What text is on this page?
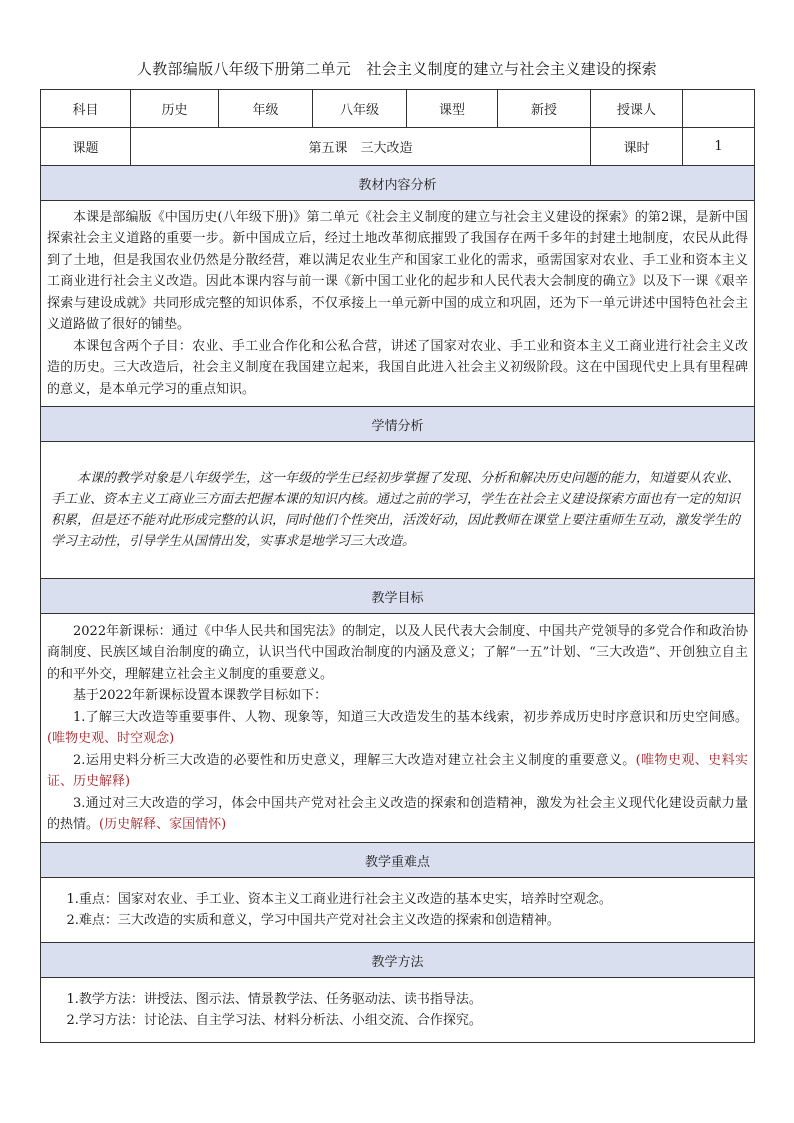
人教部编版八年级下册第二单元　社会主义制度的建立与社会主义建设的探索
科目	历史	年级	八年级	课型	新授	授课人	
课题	第五课　三大改造					课时	1
教材内容分析							

本课是部编版《中国历史(八年级下册)》第二单元《社会主义制度的建立与社会主义建设的探索》的第2课，是新中国探索社会主义道路的重要一步。新中国成立后，经过土地改革彻底摧毁了我国存在两千多年的封建土地制度，农民从此得到了土地，但是我国农业仍然是分散经营，难以满足农业生产和国家工业化的需求，亟需国家对农业、手工业和资本主义工商业进行社会主义改造。因此本课内容与前一课《新中国工业化的起步和人民代表大会制度的确立》以及下一课《艰辛探索与建设成就》共同形成完整的知识体系，不仅承接上一单元新中国的成立和巩固，还为下一单元讲述中国特色社会主义道路做了很好的铺垫。

本课包含两个子目：农业、手工业合作化和公私合营，讲述了国家对农业、手工业和资本主义工商业进行社会主义改造的历史。三大改造后，社会主义制度在我国建立起来，我国自此进入社会主义初级阶段。这在中国现代史上具有里程碑的意义，是本单元学习的重点知识。							

学情分析							

本课的教学对象是八年级学生，这一年级的学生已经初步掌握了发现、分析和解决历史问题的能力，知道要从农业、手工业、资本主义工商业三方面去把握本课的知识内核。通过之前的学习，学生在社会主义建设探索方面也有一定的知识积累，但是还不能对此形成完整的认识，同时他们个性突出，活泼好动，因此教师在课堂上要注重师生互动，激发学生的学习主动性，引导学生从国情出发，实事求是地学习三大改造。							

教学目标							

2022年新课标：通过《中华人民共和国宪法》的制定，以及人民代表大会制度、中国共产党领导的多党合作和政治协商制度、民族区域自治制度的确立，认识当代中国政治制度的内涵及意义；了解“一五”计划、“三大改造”、开创独立自主的和平外交，理解建立社会主义制度的重要意义。

基于2022年新课标设置本课教学目标如下：

1.了解三大改造等重要事件、人物、现象等，知道三大改造发生的基本线索，初步养成历史时序意识和历史空间感。(唯物史观、时空观念)

2.运用史料分析三大改造的必要性和历史意义，理解三大改造对建立社会主义制度的重要意义。(唯物史观、史料实证、历史解释)

3.通过对三大改造的学习，体会中国共产党对社会主义改造的探索和创造精神，激发为社会主义现代化建设贡献力量的热情。(历史解释、家国情怀)							

教学重难点							

1.重点：国家对农业、手工业、资本主义工商业进行社会主义改造的基本史实，培养时空观念。

2.难点：三大改造的实质和意义，学习中国共产党对社会主义改造的探索和创造精神。							

教学方法							

1.教学方法：讲授法、图示法、情景教学法、任务驱动法、读书指导法。

2.学习方法：讨论法、自主学习法、材料分析法、小组交流、合作探究。							
